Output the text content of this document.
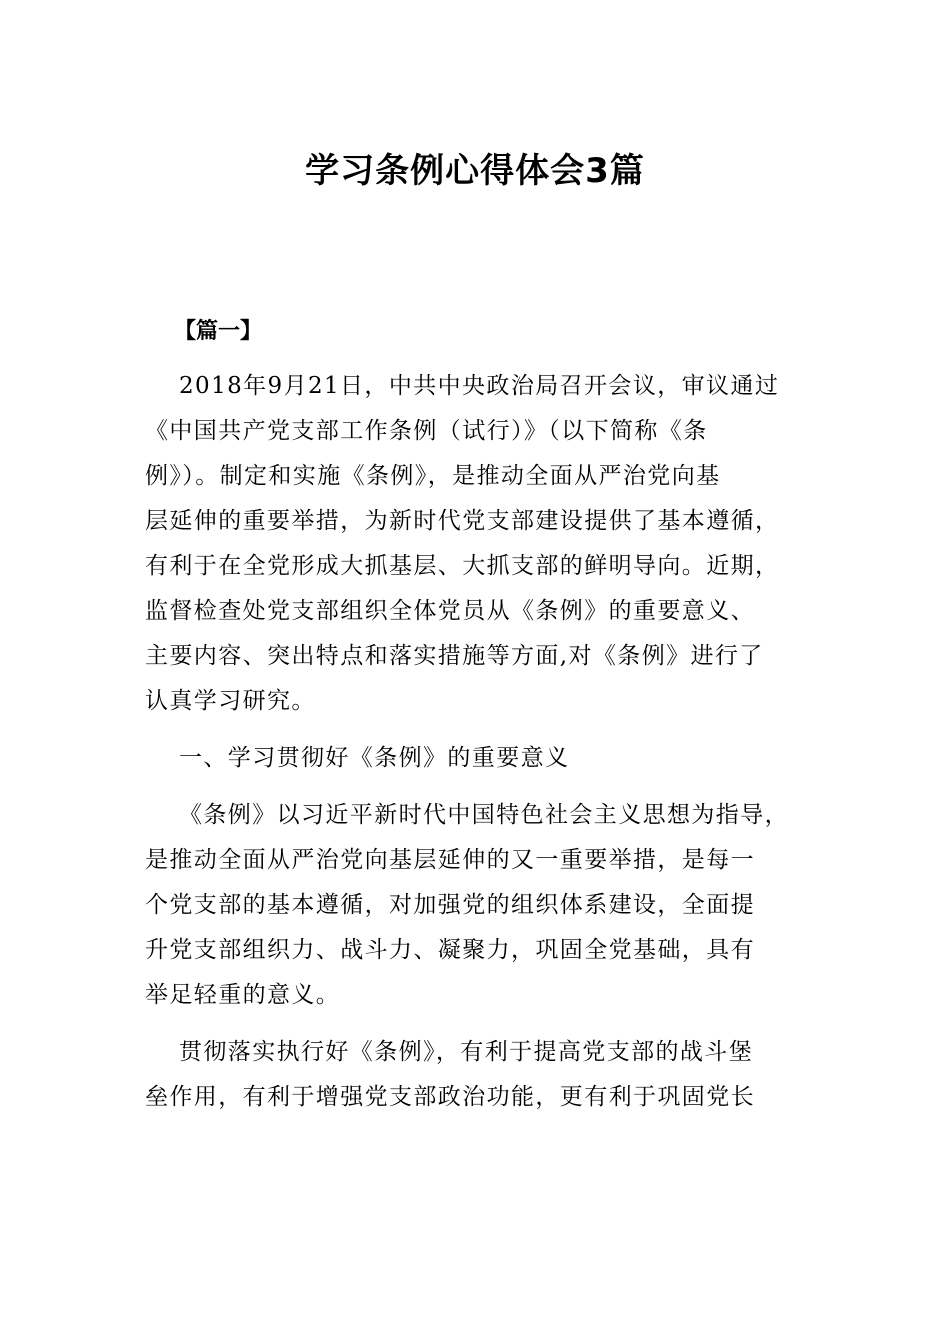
学习条例心得体会3篇
【篇一】
2018年9月21日，中共中央政治局召开会议，审议通过
《中国共产党支部工作条例（试行）》（以下简称《条
例》）。制定和实施《条例》，是推动全面从严治党向基
层延伸的重要举措，为新时代党支部建设提供了基本遵循，
有利于在全党形成大抓基层、大抓支部的鲜明导向。近期，
监督检查处党支部组织全体党员从《条例》的重要意义、
主要内容、突出特点和落实措施等方面,对《条例》进行了
认真学习研究。
一、学习贯彻好《条例》的重要意义
《条例》以习近平新时代中国特色社会主义思想为指导，
是推动全面从严治党向基层延伸的又一重要举措，是每一
个党支部的基本遵循，对加强党的组织体系建设，全面提
升党支部组织力、战斗力、凝聚力，巩固全党基础，具有
举足轻重的意义。
贯彻落实执行好《条例》，有利于提高党支部的战斗堡
垒作用，有利于增强党支部政治功能，更有利于巩固党长
